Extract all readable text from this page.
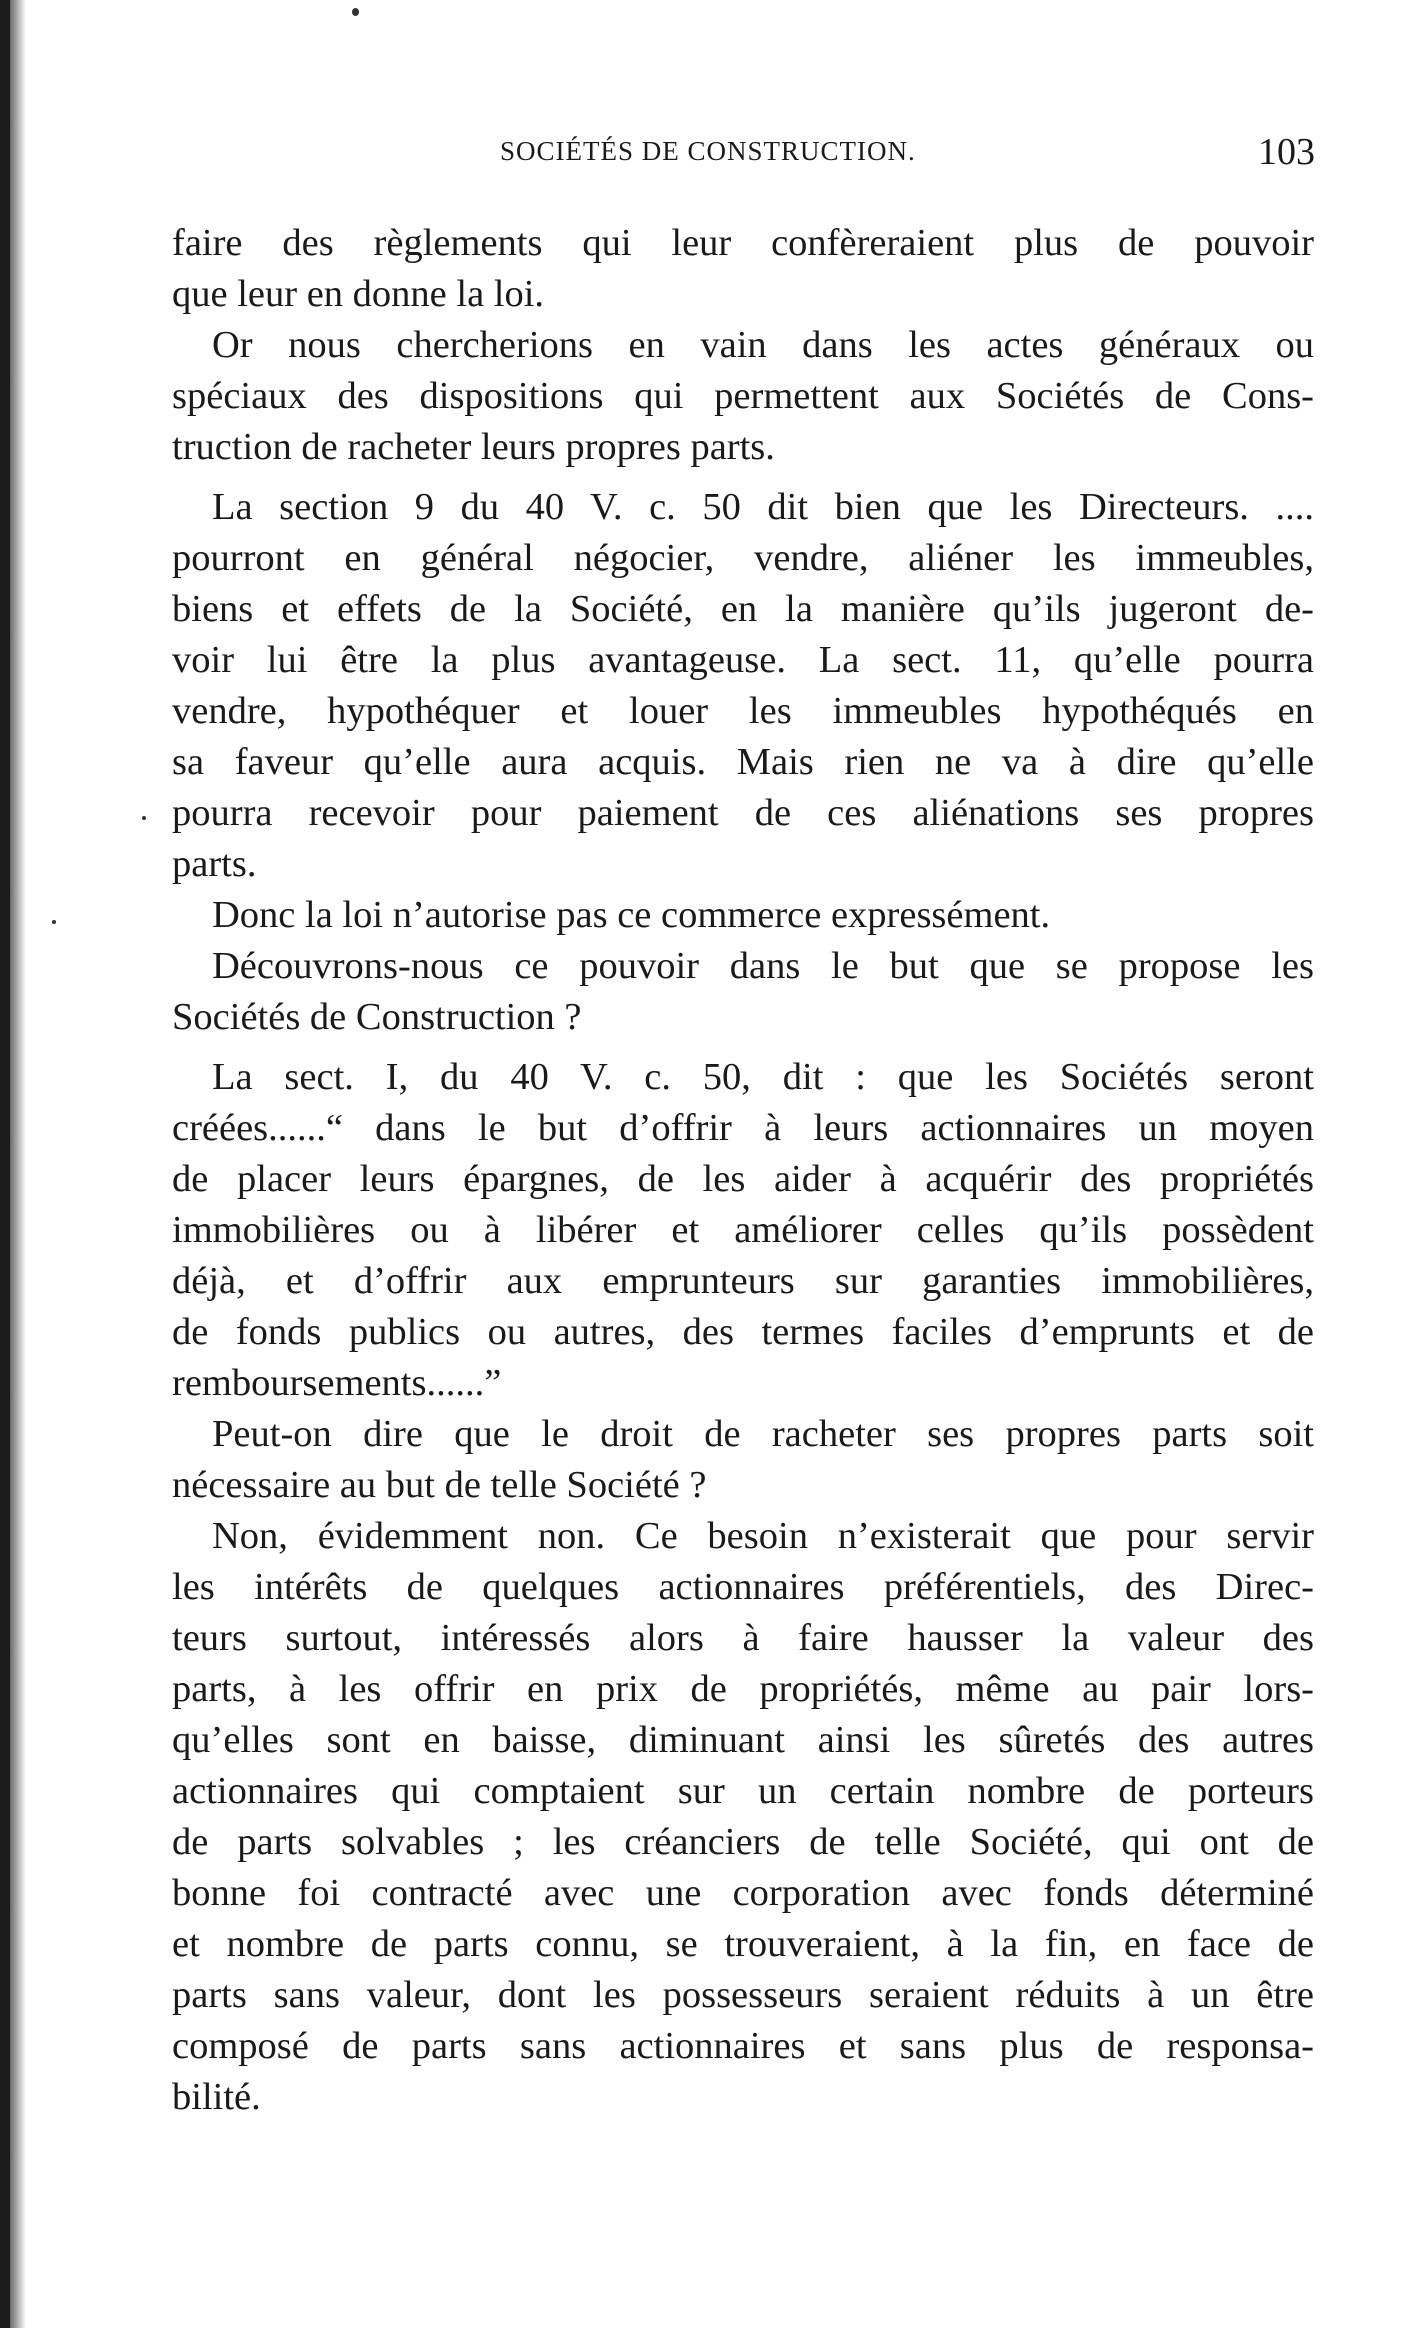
SOCIÉTÉS DE CONSTRUCTION.	103
faire des règlements qui leur confèreraient plus de pouvoir
que leur en donne la loi.
Or nous chercherions en vain dans les actes généraux ou
spéciaux des dispositions qui permettent aux Sociétés de Cons-
truction de racheter leurs propres parts.
La section 9 du 40 V. c. 50 dit bien que les Directeurs. ....
pourront en général négocier, vendre, aliéner les immeubles,
biens et effets de la Société, en la manière qu’ils jugeront de-
voir lui être la plus avantageuse. La sect. 11, qu’elle pourra
vendre, hypothéquer et louer les immeubles hypothéqués en
sa faveur qu’elle aura acquis. Mais rien ne va à dire qu’elle
pourra recevoir pour paiement de ces aliénations ses propres
parts.
Donc la loi n’autorise pas ce commerce expressément.
Découvrons-nous ce pouvoir dans le but que se propose les
Sociétés de Construction ?
La sect. I, du 40 V. c. 50, dit : que les Sociétés seront
créées......“ dans le but d’offrir à leurs actionnaires un moyen
de placer leurs épargnes, de les aider à acquérir des propriétés
immobilières ou à libérer et améliorer celles qu’ils possèdent
déjà, et d’offrir aux emprunteurs sur garanties immobilières,
de fonds publics ou autres, des termes faciles d’emprunts et de
remboursements......”
Peut-on dire que le droit de racheter ses propres parts soit
nécessaire au but de telle Société ?
Non, évidemment non. Ce besoin n’existerait que pour servir
les intérêts de quelques actionnaires préférentiels, des Direc-
teurs surtout, intéressés alors à faire hausser la valeur des
parts, à les offrir en prix de propriétés, même au pair lors-
qu’elles sont en baisse, diminuant ainsi les sûretés des autres
actionnaires qui comptaient sur un certain nombre de porteurs
de parts solvables ; les créanciers de telle Société, qui ont de
bonne foi contracté avec une corporation avec fonds déterminé
et nombre de parts connu, se trouveraient, à la fin, en face de
parts sans valeur, dont les possesseurs seraient réduits à un être
composé de parts sans actionnaires et sans plus de responsa-
bilité.
